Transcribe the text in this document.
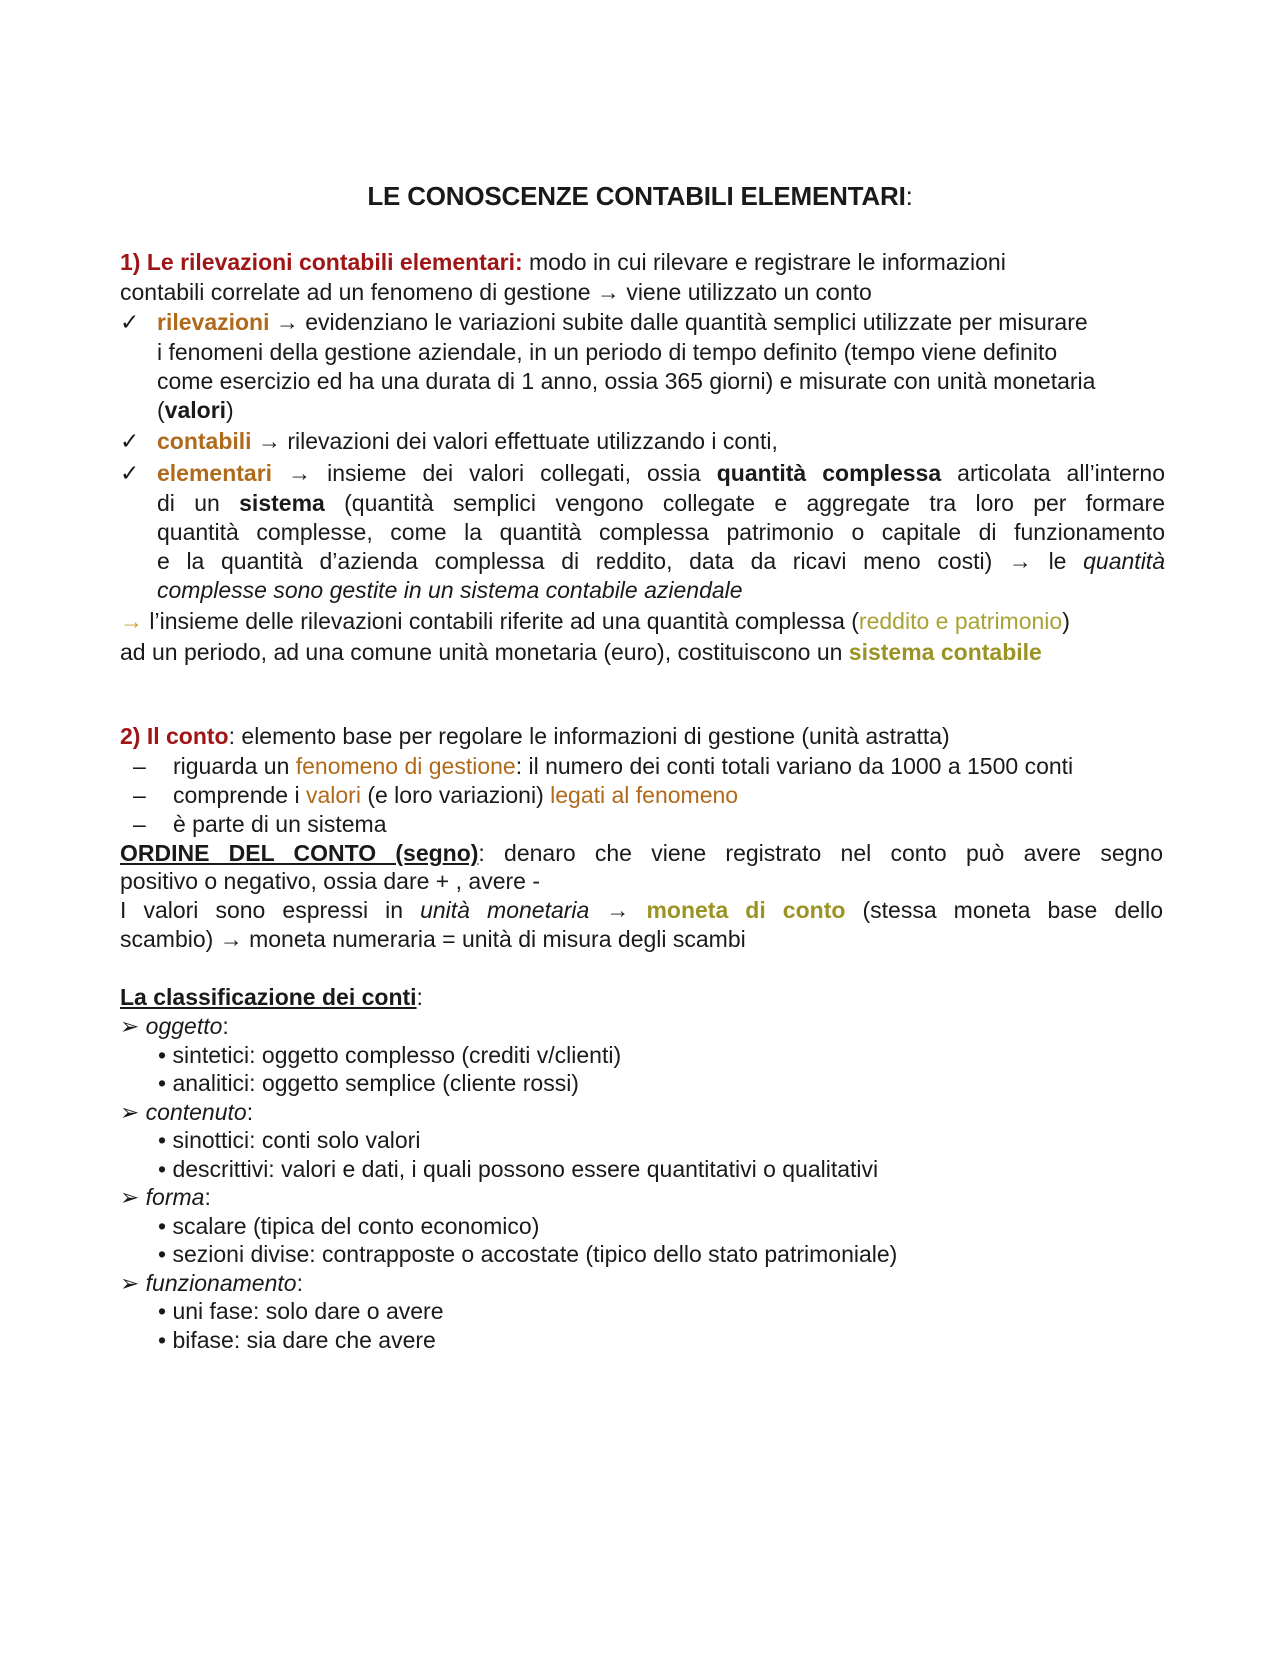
LE CONOSCENZE CONTABILI ELEMENTARI:
1) Le rilevazioni contabili elementari: modo in cui rilevare e registrare le informazioni
contabili correlate ad un fenomeno di gestione → viene utilizzato un conto
✓ rilevazioni → evidenziano le variazioni subite dalle quantità semplici utilizzate per misurare
i fenomeni della gestione aziendale, in un periodo di tempo definito (tempo viene definito
come esercizio ed ha una durata di 1 anno, ossia 365 giorni) e misurate con unità monetaria
(valori)
✓ contabili → rilevazioni dei valori effettuate utilizzando i conti,
✓ elementari → insieme dei valori collegati, ossia quantità complessa articolata all’interno
di un sistema (quantità semplici vengono collegate e aggregate tra loro per formare
quantità complesse, come la quantità complessa patrimonio o capitale di funzionamento
e la quantità d’azienda complessa di reddito, data da ricavi meno costi) → le quantità
complesse sono gestite in un sistema contabile aziendale
→ l’insieme delle rilevazioni contabili riferite ad una quantità complessa (reddito e patrimonio)
ad un periodo, ad una comune unità monetaria (euro), costituiscono un sistema contabile
2) Il conto: elemento base per regolare le informazioni di gestione (unità astratta)
– riguarda un fenomeno di gestione: il numero dei conti totali variano da 1000 a 1500 conti
– comprende i valori (e loro variazioni) legati al fenomeno
– è parte di un sistema
ORDINE DEL CONTO (segno): denaro che viene registrato nel conto può avere segno
positivo o negativo, ossia dare + , avere -
I valori sono espressi in unità monetaria → moneta di conto (stessa moneta base dello
scambio) → moneta numeraria = unità di misura degli scambi
La classificazione dei conti:
➢ oggetto:
• sintetici: oggetto complesso (crediti v/clienti)
• analitici: oggetto semplice (cliente rossi)
➢ contenuto:
• sinottici: conti solo valori
• descrittivi: valori e dati, i quali possono essere quantitativi o qualitativi
➢ forma:
• scalare (tipica del conto economico)
• sezioni divise: contrapposte o accostate (tipico dello stato patrimoniale)
➢ funzionamento:
• uni fase: solo dare o avere
• bifase: sia dare che avere
